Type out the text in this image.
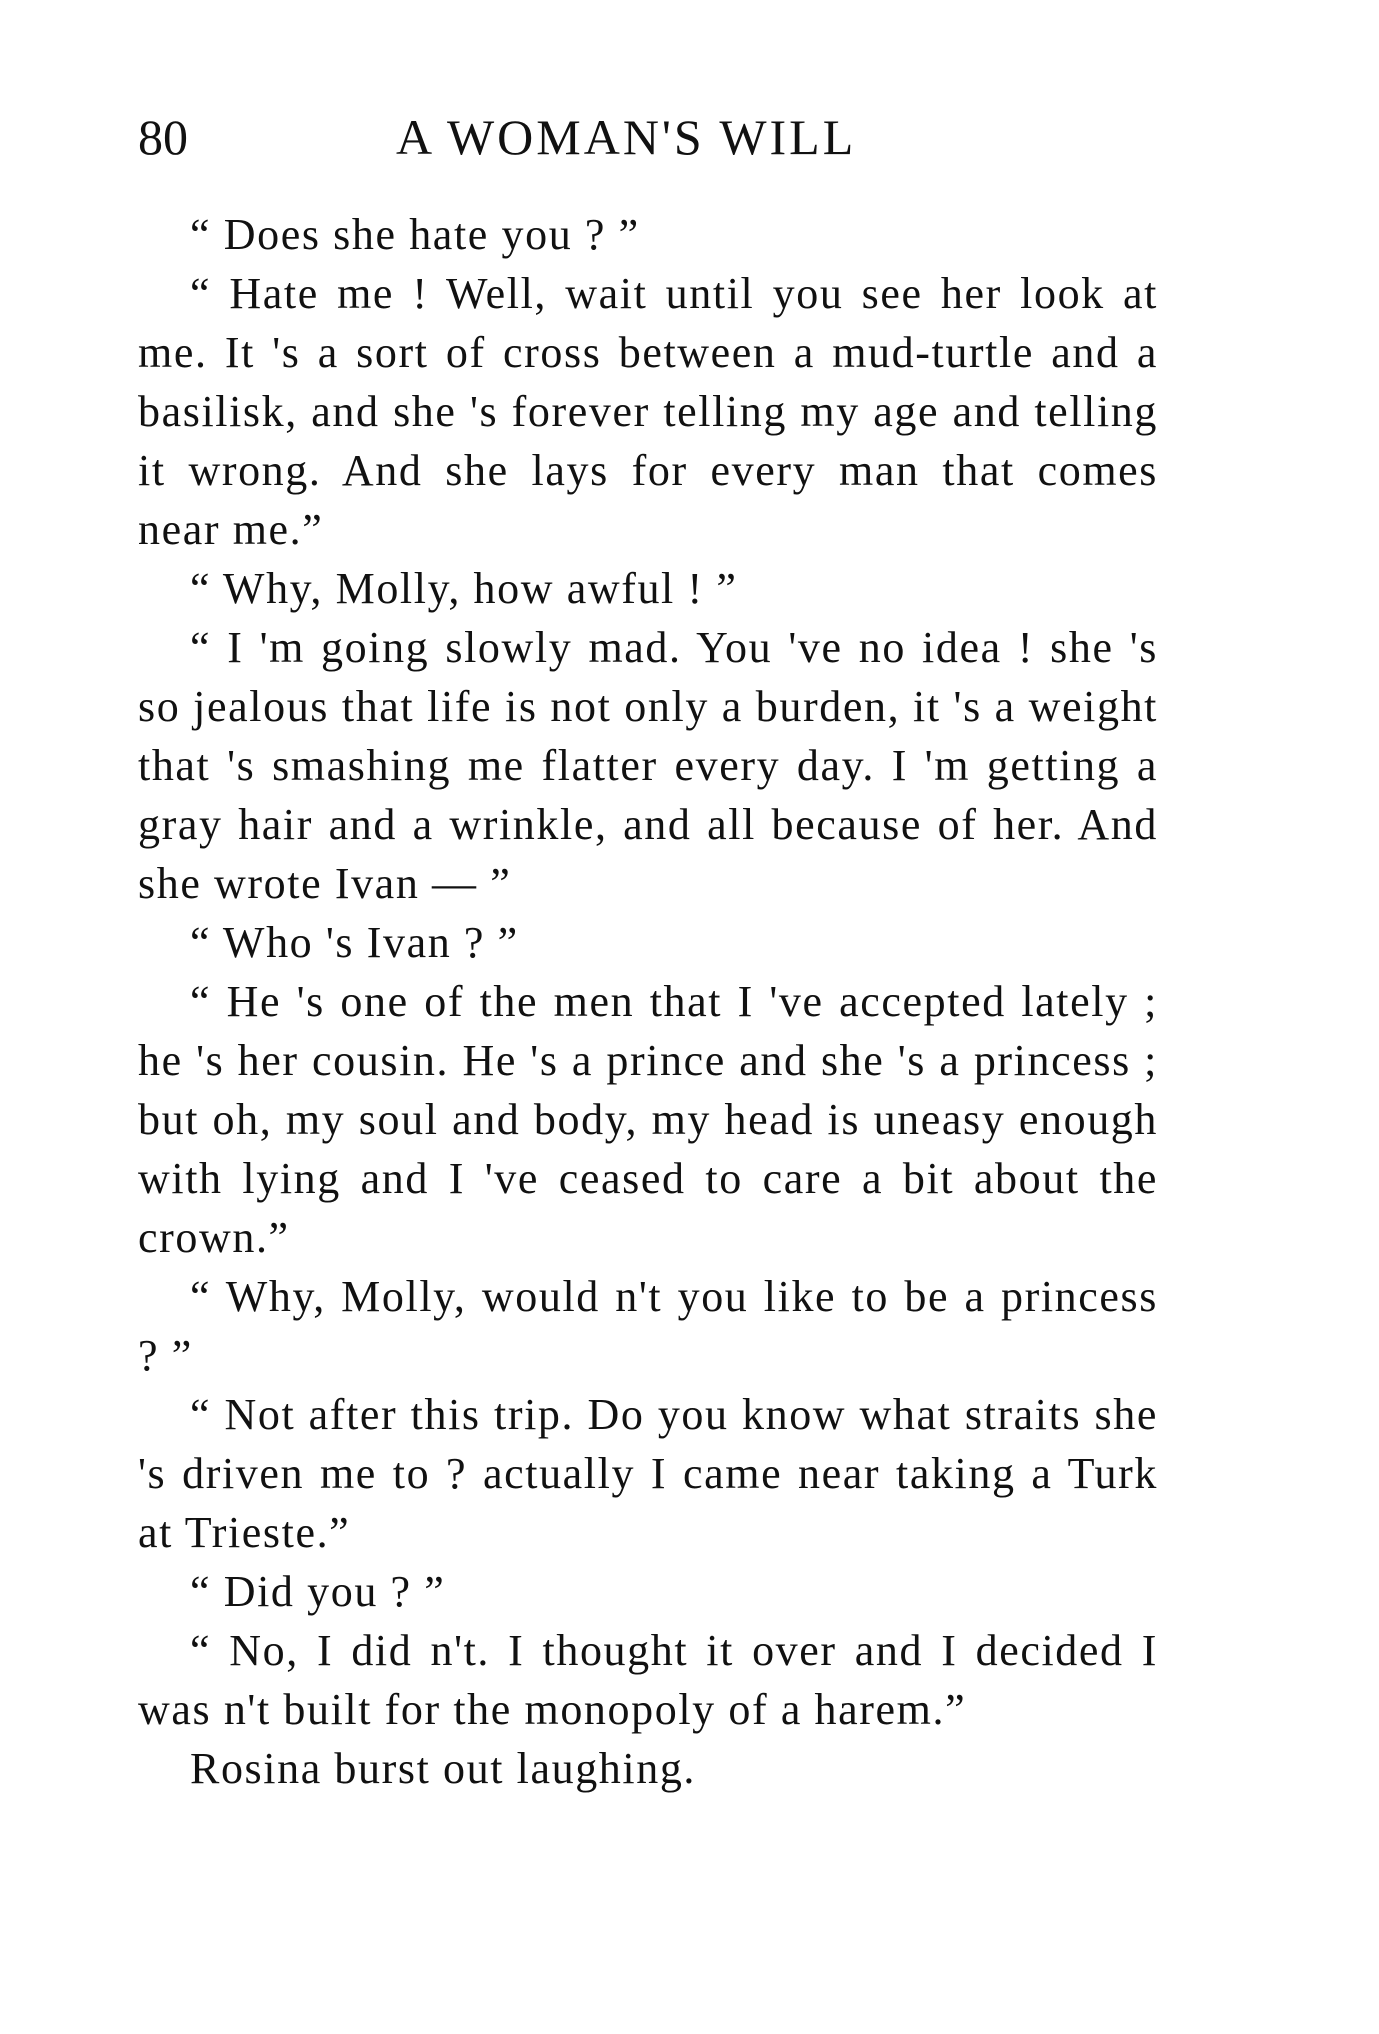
80	A WOMAN'S WILL

“ Does she hate you ? ”

“ Hate me ! Well, wait until you see her look at me. It 's a sort of cross between a mud-turtle and a basilisk, and she 's forever telling my age and telling it wrong. And she lays for every man that comes near me.”

“ Why, Molly, how awful ! ”

“ I 'm going slowly mad. You 've no idea ! she 's so jealous that life is not only a burden, it 's a weight that 's smashing me flatter every day. I 'm getting a gray hair and a wrinkle, and all because of her. And she wrote Ivan — ”

“ Who 's Ivan ? ”

“ He 's one of the men that I 've accepted lately ; he 's her cousin. He 's a prince and she 's a princess ; but oh, my soul and body, my head is uneasy enough with lying and I 've ceased to care a bit about the crown.”

“ Why, Molly, would n't you like to be a princess ? ”

“ Not after this trip. Do you know what straits she 's driven me to ? actually I came near taking a Turk at Trieste.”

“ Did you ? ”

“ No, I did n't. I thought it over and I decided I was n't built for the monopoly of a harem.”

Rosina burst out laughing.
